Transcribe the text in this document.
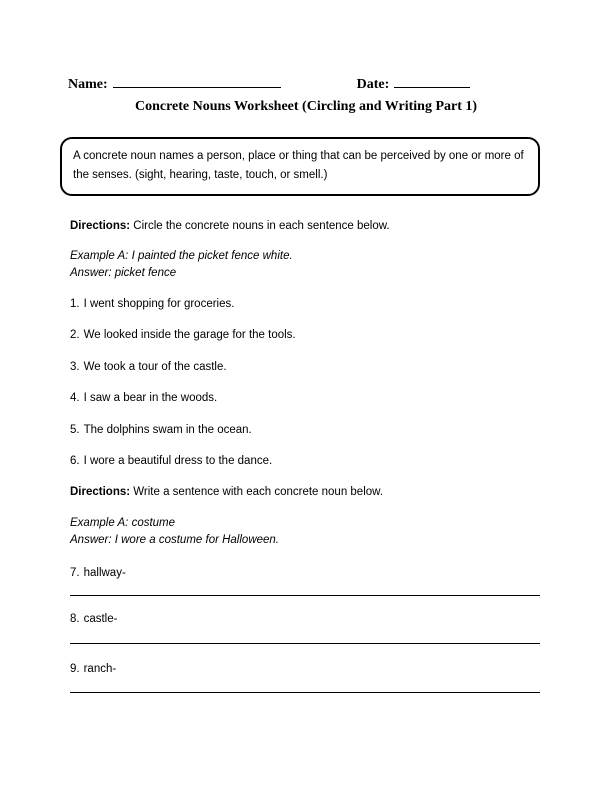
Name:	Date:
Concrete Nouns Worksheet (Circling and Writing Part 1)
A concrete noun names a person, place or thing that can be perceived by one or more of the senses. (sight, hearing, taste, touch, or smell.)
Directions: Circle the concrete nouns in each sentence below.
Example A: I painted the picket fence white.
Answer: picket fence
1. I went shopping for groceries.
2. We looked inside the garage for the tools.
3. We took a tour of the castle.
4. I saw a bear in the woods.
5. The dolphins swam in the ocean.
6. I wore a beautiful dress to the dance.
Directions: Write a sentence with each concrete noun below.
Example A: costume
Answer: I wore a costume for Halloween.
7. hallway-
8. castle-
9. ranch-
